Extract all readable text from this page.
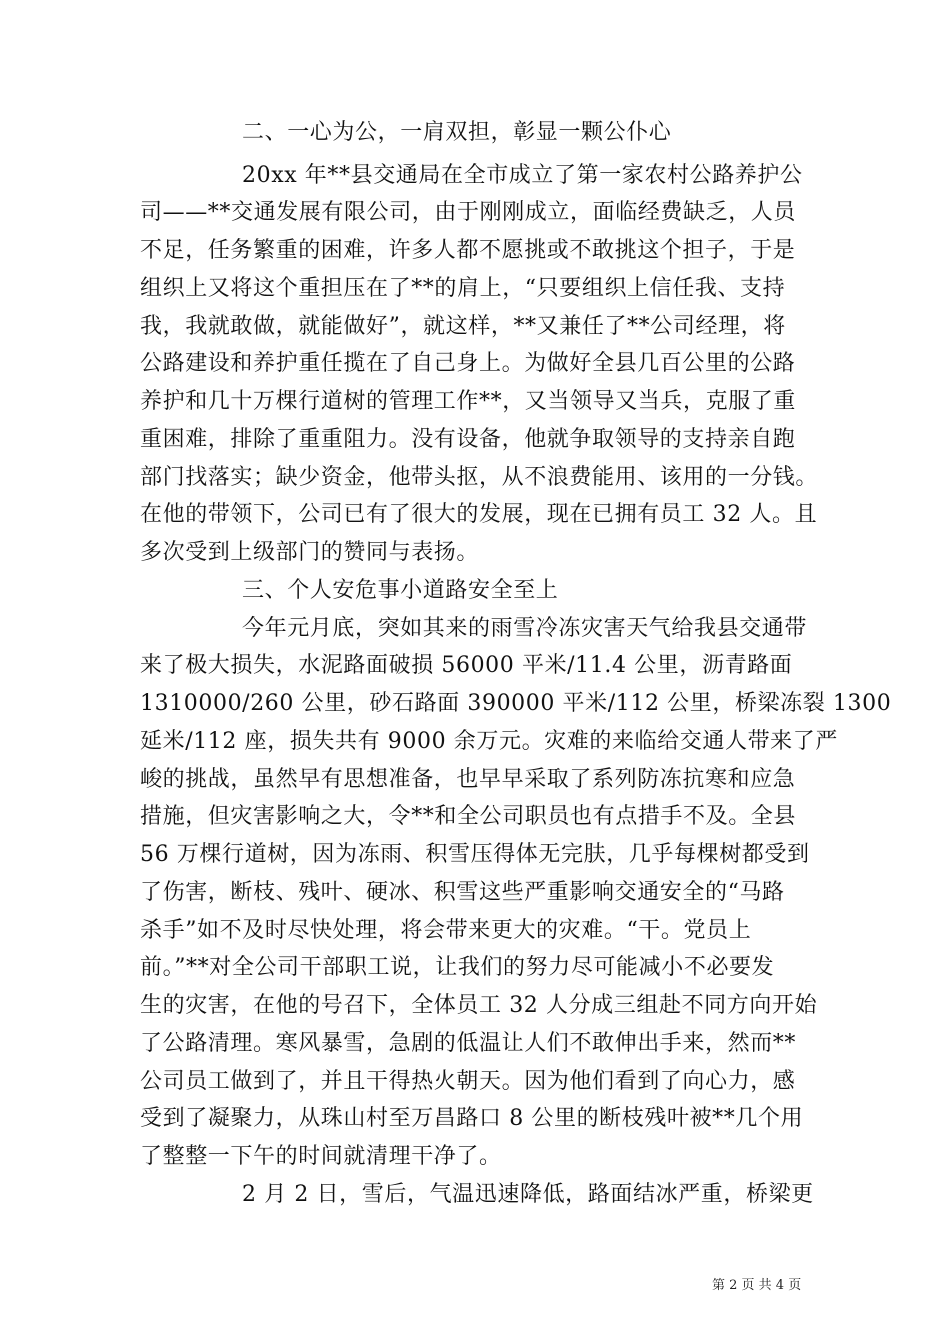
二、一心为公，一肩双担，彰显一颗公仆心
20xx 年**县交通局在全市成立了第一家农村公路养护公
司——**交通发展有限公司，由于刚刚成立，面临经费缺乏，人员
不足，任务繁重的困难，许多人都不愿挑或不敢挑这个担子，于是
组织上又将这个重担压在了**的肩上，“只要组织上信任我、支持
我，我就敢做，就能做好”，就这样，**又兼任了**公司经理，将
公路建设和养护重任揽在了自己身上。为做好全县几百公里的公路
养护和几十万棵行道树的管理工作**，又当领导又当兵，克服了重
重困难，排除了重重阻力。没有设备，他就争取领导的支持亲自跑
部门找落实；缺少资金，他带头抠，从不浪费能用、该用的一分钱。
在他的带领下，公司已有了很大的发展，现在已拥有员工 32 人。且
多次受到上级部门的赞同与表扬。
三、个人安危事小道路安全至上
今年元月底，突如其来的雨雪冷冻灾害天气给我县交通带
来了极大损失，水泥路面破损 56000 平米/11.4 公里，沥青路面
1310000/260 公里，砂石路面 390000 平米/112 公里，桥梁冻裂 1300
延米/112 座，损失共有 9000 余万元。灾难的来临给交通人带来了严
峻的挑战，虽然早有思想准备，也早早采取了系列防冻抗寒和应急
措施，但灾害影响之大，令**和全公司职员也有点措手不及。全县
56 万棵行道树，因为冻雨、积雪压得体无完肤，几乎每棵树都受到
了伤害，断枝、残叶、硬冰、积雪这些严重影响交通安全的“马路
杀手”如不及时尽快处理，将会带来更大的灾难。“干。党员上
前。”**对全公司干部职工说，让我们的努力尽可能减小不必要发
生的灾害，在他的号召下，全体员工 32 人分成三组赴不同方向开始
了公路清理。寒风暴雪，急剧的低温让人们不敢伸出手来，然而**
公司员工做到了，并且干得热火朝天。因为他们看到了向心力，感
受到了凝聚力，从珠山村至万昌路口 8 公里的断枝残叶被**几个用
了整整一下午的时间就清理干净了。
2 月 2 日，雪后，气温迅速降低，路面结冰严重，桥梁更
第 2 页 共 4 页
